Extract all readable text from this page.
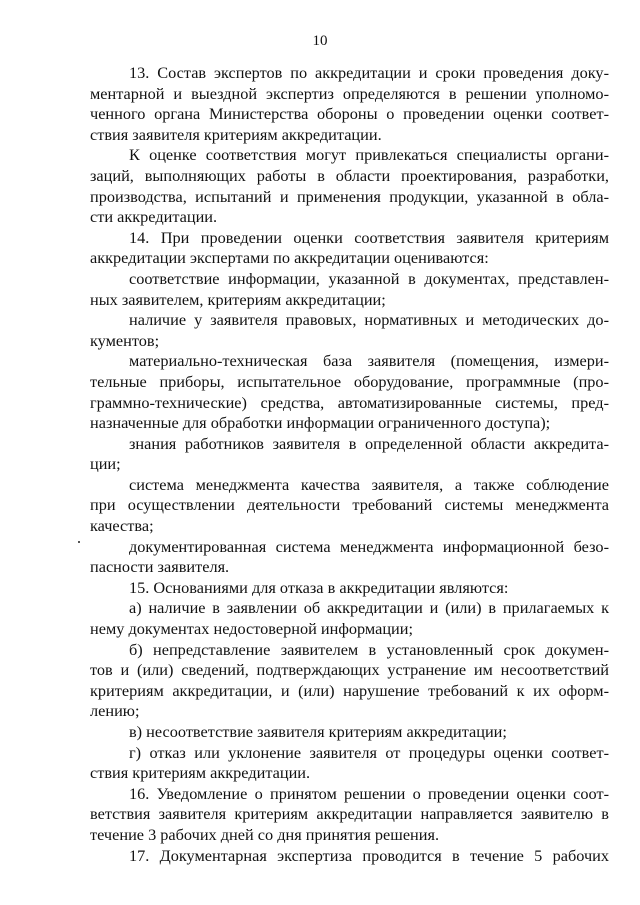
10
13. Состав экспертов по аккредитации и сроки проведения доку-
ментарной и выездной экспертиз определяются в решении уполномо-
ченного органа Министерства обороны о проведении оценки соответ-
ствия заявителя критериям аккредитации.
К оценке соответствия могут привлекаться специалисты органи-
заций, выполняющих работы в области проектирования, разработки,
производства, испытаний и применения продукции, указанной в обла-
сти аккредитации.
14. При проведении оценки соответствия заявителя критериям
аккредитации экспертами по аккредитации оцениваются:
соответствие информации, указанной в документах, представлен-
ных заявителем, критериям аккредитации;
наличие у заявителя правовых, нормативных и методических до-
кументов;
материально-техническая база заявителя (помещения, измери-
тельные приборы, испытательное оборудование, программные (про-
граммно-технические) средства, автоматизированные системы, пред-
назначенные для обработки информации ограниченного доступа);
знания работников заявителя в определенной области аккредита-
ции;
система менеджмента качества заявителя, а также соблюдение
при осуществлении деятельности требований системы менеджмента
качества;
документированная система менеджмента информационной безо-
пасности заявителя.
15. Основаниями для отказа в аккредитации являются:
а) наличие в заявлении об аккредитации и (или) в прилагаемых к
нему документах недостоверной информации;
б) непредставление заявителем в установленный срок докумен-
тов и (или) сведений, подтверждающих устранение им несоответствий
критериям аккредитации, и (или) нарушение требований к их оформ-
лению;
в) несоответствие заявителя критериям аккредитации;
г) отказ или уклонение заявителя от процедуры оценки соответ-
ствия критериям аккредитации.
16. Уведомление о принятом решении о проведении оценки соот-
ветствия заявителя критериям аккредитации направляется заявителю в
течение 3 рабочих дней со дня принятия решения.
17. Документарная экспертиза проводится в течение 5 рабочих
